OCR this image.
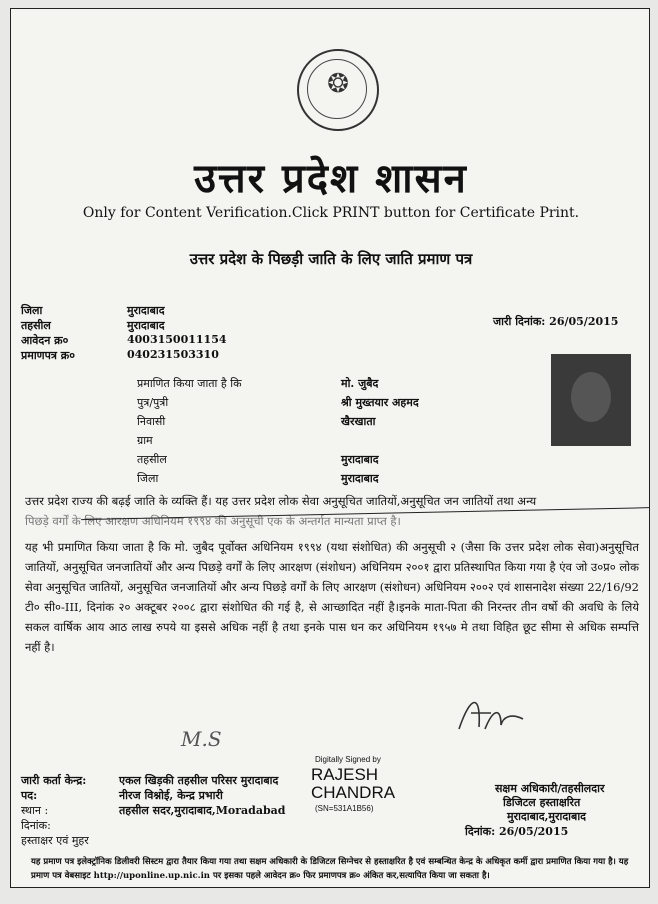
❂
उत्तर प्रदेश शासन
Only for Content Verification.Click PRINT button for Certificate Print.
उत्तर प्रदेश के पिछड़ी जाति के लिए जाति प्रमाण पत्र
जिला	मुरादाबाद
तहसील	मुरादाबाद
आवेदन क्र०	4003150011154
प्रमाणपत्र क्र०	040231503310
जारी दिनांक: 26/05/2015
प्रमाणित किया जाता है कि	मो. जुबैद
पुत्र/पुत्री	श्री मुख्तयार अहमद
निवासी	खैरखाता
ग्राम
तहसील	मुरादाबाद
जिला	मुरादाबाद
उत्तर प्रदेश राज्य की बढ़ई जाति के व्यक्ति हैं। यह उत्तर प्रदेश लोक सेवा अनुसूचित जातियों,अनुसूचित जन जातियों तथा अन्य
पिछड़े वर्गों के लिए आरक्षण अधिनियम १९९४ की अनुसूची एक के अन्तर्गत मान्यता प्राप्त है।
यह भी प्रमाणित किया जाता है कि मो. जुबैद पूर्वोक्त अधिनियम १९९४ (यथा संशोधित) की अनुसूची २ (जैसा कि उत्तर प्रदेश लोक सेवा)अनुसूचित जातियों, अनुसूचित जनजातियों और अन्य पिछड़े वर्गों के लिए आरक्षण (संशोधन) अधिनियम २००१ द्वारा प्रतिस्थापित किया गया है एंव जो उ०प्र० लोक सेवा अनुसूचित जातियों, अनुसूचित जनजातियों और अन्य पिछड़े वर्गों के लिए आरक्षण (संशोधन) अधिनियम २००२ एवं शासनादेश संख्या 22/16/92 टी० सी०-III, दिनांक २० अक्टूबर २००८ द्वारा संशोधित की गई है, से आच्छादित नहीं है।इनके माता-पिता की निरन्तर तीन वर्षो की अवधि के लिये सकल वार्षिक आय आठ लाख रुपये या इससे अधिक नहीं है तथा इनके पास धन कर अधिनियम १९५७ मे तथा विहित छूट सीमा से अधिक सम्पत्ति नहीं है।
M.S
Digitally Signed by
RAJESH
CHANDRA
(SN=531A1B56)
जारी कर्ता केन्द्र:	एकल खिड़की तहसील परिसर मुरादाबाद
पद:	नीरज विश्नोई, केन्द्र प्रभारी
स्थान :	तहसील सदर,मुरादाबाद,Moradabad
दिनांक:
हस्ताक्षर एवं मुहर
सक्षम अधिकारी/तहसीलदार
डिजिटल हस्ताक्षरित
मुरादाबाद,मुरादाबाद
दिनांक: 26/05/2015
यह प्रमाण पत्र इलेक्ट्रॉनिक डिलीवरी सिस्टम द्वारा तैयार किया गया तथा सक्षम अधिकारी के डिजिटल सिग्नेचर से हस्ताक्षरित है एवं सम्बन्धित केन्द्र के अधिकृत कर्मी द्वारा प्रमाणित किया गया है। यह प्रमाण पत्र वेबसाइट http://uponline.up.nic.in पर इसका पहले आवेदन क्र० फिर प्रमाणपत्र क्र० अंकित कर,सत्यापित किया जा सकता है।
